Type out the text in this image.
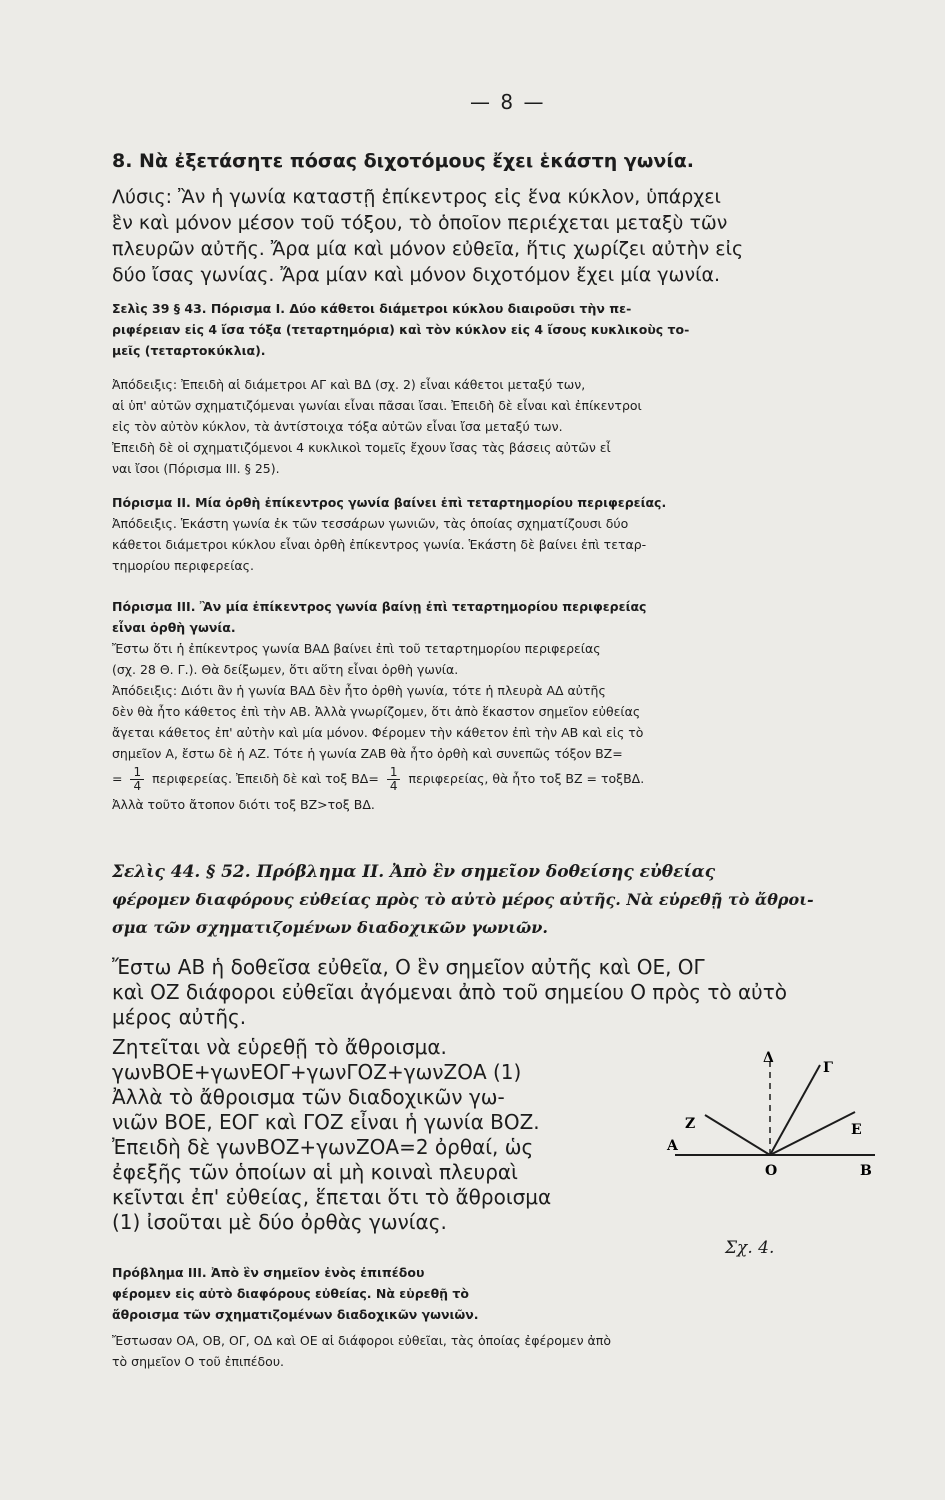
— 8 —
8. Νὰ ἐξετάσητε πόσας διχοτόμους ἔχει ἑκάστη γωνία.
Λύσις: Ἂν ἡ γωνία καταστῇ ἐπίκεντρος εἰς ἕνα κύκλον, ὑπάρχει
ἓν καὶ μόνον μέσον τοῦ τόξου, τὸ ὁποῖον περιέχεται μεταξὺ τῶν
πλευρῶν αὐτῆς. Ἄρα μία καὶ μόνον εὐθεῖα, ἥτις χωρίζει αὐτὴν εἰς
δύο ἴσας γωνίας. Ἄρα μίαν καὶ μόνον διχοτόμον ἔχει μία γωνία.
Σελὶς 39 § 43. Πόρισμα I. Δύο κάθετοι διάμετροι κύκλου διαιροῦσι τὴν πε-
ριφέρειαν εἰς 4 ἴσα τόξα (τεταρτημόρια) καὶ τὸν κύκλον εἰς 4 ἴσους κυκλικοὺς το-
μεῖς (τεταρτοκύκλια).
Ἀπόδειξις: Ἐπειδὴ αἱ διάμετροι ΑΓ καὶ ΒΔ (σχ. 2) εἶναι κάθετοι μεταξύ των,
αἱ ὑπ' αὐτῶν σχηματιζόμεναι γωνίαι εἶναι πᾶσαι ἴσαι. Ἐπειδὴ δὲ εἶναι καὶ ἐπίκεντροι
εἰς τὸν αὐτὸν κύκλον, τὰ ἀντίστοιχα τόξα αὐτῶν εἶναι ἴσα μεταξύ των.
Ἐπειδὴ δὲ οἱ σχηματιζόμενοι 4 κυκλικοὶ τομεῖς ἔχουν ἴσας τὰς βάσεις αὐτῶν εἶ
ναι ἴσοι (Πόρισμα III. § 25).
Πόρισμα II. Μία ὀρθὴ ἐπίκεντρος γωνία βαίνει ἐπὶ τεταρτημορίου περιφερείας.
Ἀπόδειξις. Ἑκάστη γωνία ἐκ τῶν τεσσάρων γωνιῶν, τὰς ὁποίας σχηματίζουσι δύο
κάθετοι διάμετροι κύκλου εἶναι ὀρθὴ ἐπίκεντρος γωνία. Ἑκάστη δὲ βαίνει ἐπὶ τεταρ-
τημορίου περιφερείας.
Πόρισμα III. Ἂν μία ἐπίκεντρος γωνία βαίνῃ ἐπὶ τεταρτημορίου περιφερείας
εἶναι ὀρθὴ γωνία.
Ἔστω ὅτι ἡ ἐπίκεντρος γωνία ΒΑΔ βαίνει ἐπὶ τοῦ τεταρτημορίου περιφερείας
(σχ. 28 Θ. Γ.). Θὰ δείξωμεν, ὅτι αὕτη εἶναι ὀρθὴ γωνία.
Ἀπόδειξις: Διότι ἂν ἡ γωνία ΒΑΔ δὲν ἦτο ὀρθὴ γωνία, τότε ἡ πλευρὰ ΑΔ αὐτῆς
δὲν θὰ ἦτο κάθετος ἐπὶ τὴν ΑΒ. Ἀλλὰ γνωρίζομεν, ὅτι ἀπὸ ἕκαστον σημεῖον εὐθείας
ἄγεται κάθετος ἐπ' αὐτὴν καὶ μία μόνον. Φέρομεν τὴν κάθετον ἐπὶ τὴν ΑΒ καὶ εἰς τὸ
σημεῖον Α, ἔστω δὲ ἡ ΑΖ. Τότε ἡ γωνία ΖΑΒ θὰ ἦτο ὀρθὴ καὶ συνεπῶς τόξον ΒΖ=
= $\frac{1}{4} \pi\varepsilon\rho\iota\varphi\varepsilon\rho\varepsilon ί\alpha\varsigma$. Ἐπειδὴ δὲ καὶ τοξ $B\Delta= \frac{1}{4} \pi\varepsilon\rho\iota\varphi\varepsilon\rho\varepsilon ί\alpha\varsigma$, θὰ ἦτο τοξ ΒΖ = τοξΒΔ.
Ἀλλὰ τοῦτο ἄτοπον διότι τοξ ΒΖ>τοξ ΒΔ.
Σελὶς 44. § 52. Πρόβλημα II. Ἀπὸ ἓν σημεῖον δοθείσης εὐθείας
φέρομεν διαφόρους εὐθείας πρὸς τὸ αὐτὸ μέρος αὐτῆς. Νὰ εὑρεθῇ τὸ ἄθροι-
σμα τῶν σχηματιζομένων διαδοχικῶν γωνιῶν.
Ἔστω ΑΒ ἡ δοθεῖσα εὐθεῖα, Ο ἓν σημεῖον αὐτῆς καὶ ΟΕ, ΟΓ
καὶ ΟΖ διάφοροι εὐθεῖαι ἀγόμεναι ἀπὸ τοῦ σημείου Ο πρὸς τὸ αὐτὸ
μέρος αὐτῆς.
Ζητεῖται νὰ εὑρεθῇ τὸ ἄθροισμα.
γωνΒΟΕ+γωνΕΟΓ+γωνΓΟΖ+γωνΖΟΑ (1)
Ἀλλὰ τὸ ἄθροισμα τῶν διαδοχικῶν γω-
νιῶν ΒΟΕ, ΕΟΓ καὶ ΓΟΖ εἶναι ἡ γωνία ΒΟΖ.
Ἐπειδὴ δὲ γωνΒΟΖ+γωνΖΟΑ=2 ὀρθαί, ὡς
ἐφεξῆς τῶν ὁποίων αἱ μὴ κοιναὶ πλευραὶ
κεῖνται ἐπ' εὐθείας, ἕπεται ὅτι τὸ ἄθροισμα
(1) ἰσοῦται μὲ δύο ὀρθὰς γωνίας.
Δ
Γ
Ε
Ζ
Α
Ο	Β
Σχ. 4.
Πρόβλημα III. Ἀπὸ ἓν σημεῖον ἑνὸς ἐπιπέδου
φέρομεν εἰς αὐτὸ διαφόρους εὐθείας. Νὰ εὑρεθῇ τὸ
ἄθροισμα τῶν σχηματιζομένων διαδοχικῶν γωνιῶν.
Ἔστωσαν ΟΑ, ΟΒ, ΟΓ, ΟΔ καὶ ΟΕ αἱ διάφοροι εὐθεῖαι, τὰς ὁποίας ἐφέρομεν ἀπὸ
τὸ σημεῖον Ο τοῦ ἐπιπέδου.
